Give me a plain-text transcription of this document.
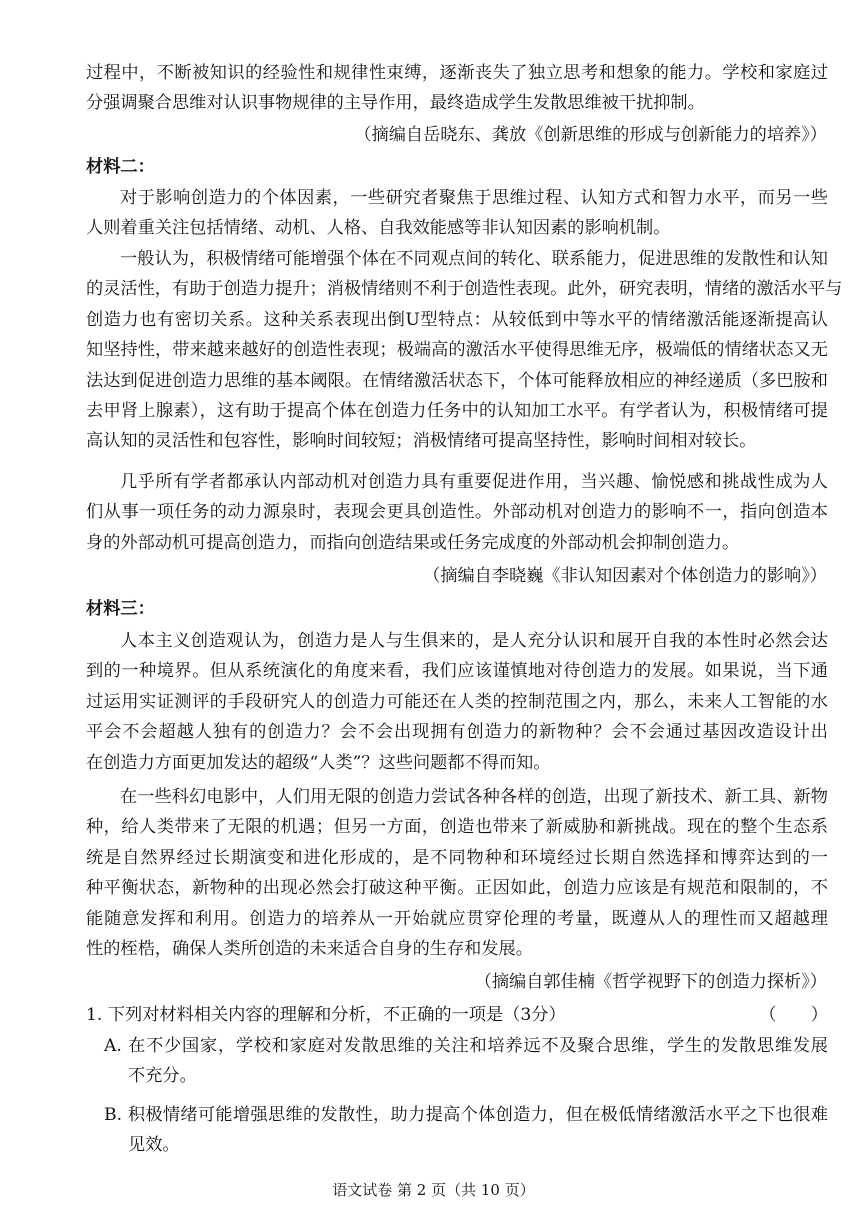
过程中，不断被知识的经验性和规律性束缚，逐渐丧失了独立思考和想象的能力。学校和家庭过
分强调聚合思维对认识事物规律的主导作用，最终造成学生发散思维被干扰抑制。
（摘编自岳晓东、龚放《创新思维的形成与创新能力的培养》）
材料二：
对于影响创造力的个体因素，一些研究者聚焦于思维过程、认知方式和智力水平，而另一些
人则着重关注包括情绪、动机、人格、自我效能感等非认知因素的影响机制。
一般认为，积极情绪可能增强个体在不同观点间的转化、联系能力，促进思维的发散性和认知
的灵活性，有助于创造力提升；消极情绪则不利于创造性表现。此外，研究表明，情绪的激活水平与
创造力也有密切关系。这种关系表现出倒U型特点：从较低到中等水平的情绪激活能逐渐提高认
知坚持性，带来越来越好的创造性表现；极端高的激活水平使得思维无序，极端低的情绪状态又无
法达到促进创造力思维的基本阈限。在情绪激活状态下，个体可能释放相应的神经递质（多巴胺和
去甲肾上腺素），这有助于提高个体在创造力任务中的认知加工水平。有学者认为，积极情绪可提
高认知的灵活性和包容性，影响时间较短；消极情绪可提高坚持性，影响时间相对较长。
几乎所有学者都承认内部动机对创造力具有重要促进作用，当兴趣、愉悦感和挑战性成为人
们从事一项任务的动力源泉时，表现会更具创造性。外部动机对创造力的影响不一，指向创造本
身的外部动机可提高创造力，而指向创造结果或任务完成度的外部动机会抑制创造力。
（摘编自李晓巍《非认知因素对个体创造力的影响》）
材料三：
人本主义创造观认为，创造力是人与生俱来的，是人充分认识和展开自我的本性时必然会达
到的一种境界。但从系统演化的角度来看，我们应该谨慎地对待创造力的发展。如果说，当下通
过运用实证测评的手段研究人的创造力可能还在人类的控制范围之内，那么，未来人工智能的水
平会不会超越人独有的创造力？会不会出现拥有创造力的新物种？会不会通过基因改造设计出
在创造力方面更加发达的超级“人类”？这些问题都不得而知。
在一些科幻电影中，人们用无限的创造力尝试各种各样的创造，出现了新技术、新工具、新物
种，给人类带来了无限的机遇；但另一方面，创造也带来了新威胁和新挑战。现在的整个生态系
统是自然界经过长期演变和进化形成的，是不同物种和环境经过长期自然选择和博弈达到的一
种平衡状态，新物种的出现必然会打破这种平衡。正因如此，创造力应该是有规范和限制的，不
能随意发挥和利用。创造力的培养从一开始就应贯穿伦理的考量，既遵从人的理性而又超越理
性的桎梏，确保人类所创造的未来适合自身的生存和发展。
（摘编自郭佳楠《哲学视野下的创造力探析》）
1. 下列对材料相关内容的理解和分析，不正确的一项是（3分）	（　　）
A. 在不少国家，学校和家庭对发散思维的关注和培养远不及聚合思维，学生的发散思维发展
不充分。
B. 积极情绪可能增强思维的发散性，助力提高个体创造力，但在极低情绪激活水平之下也很难
见效。
语文试卷 第 2 页（共 10 页）
